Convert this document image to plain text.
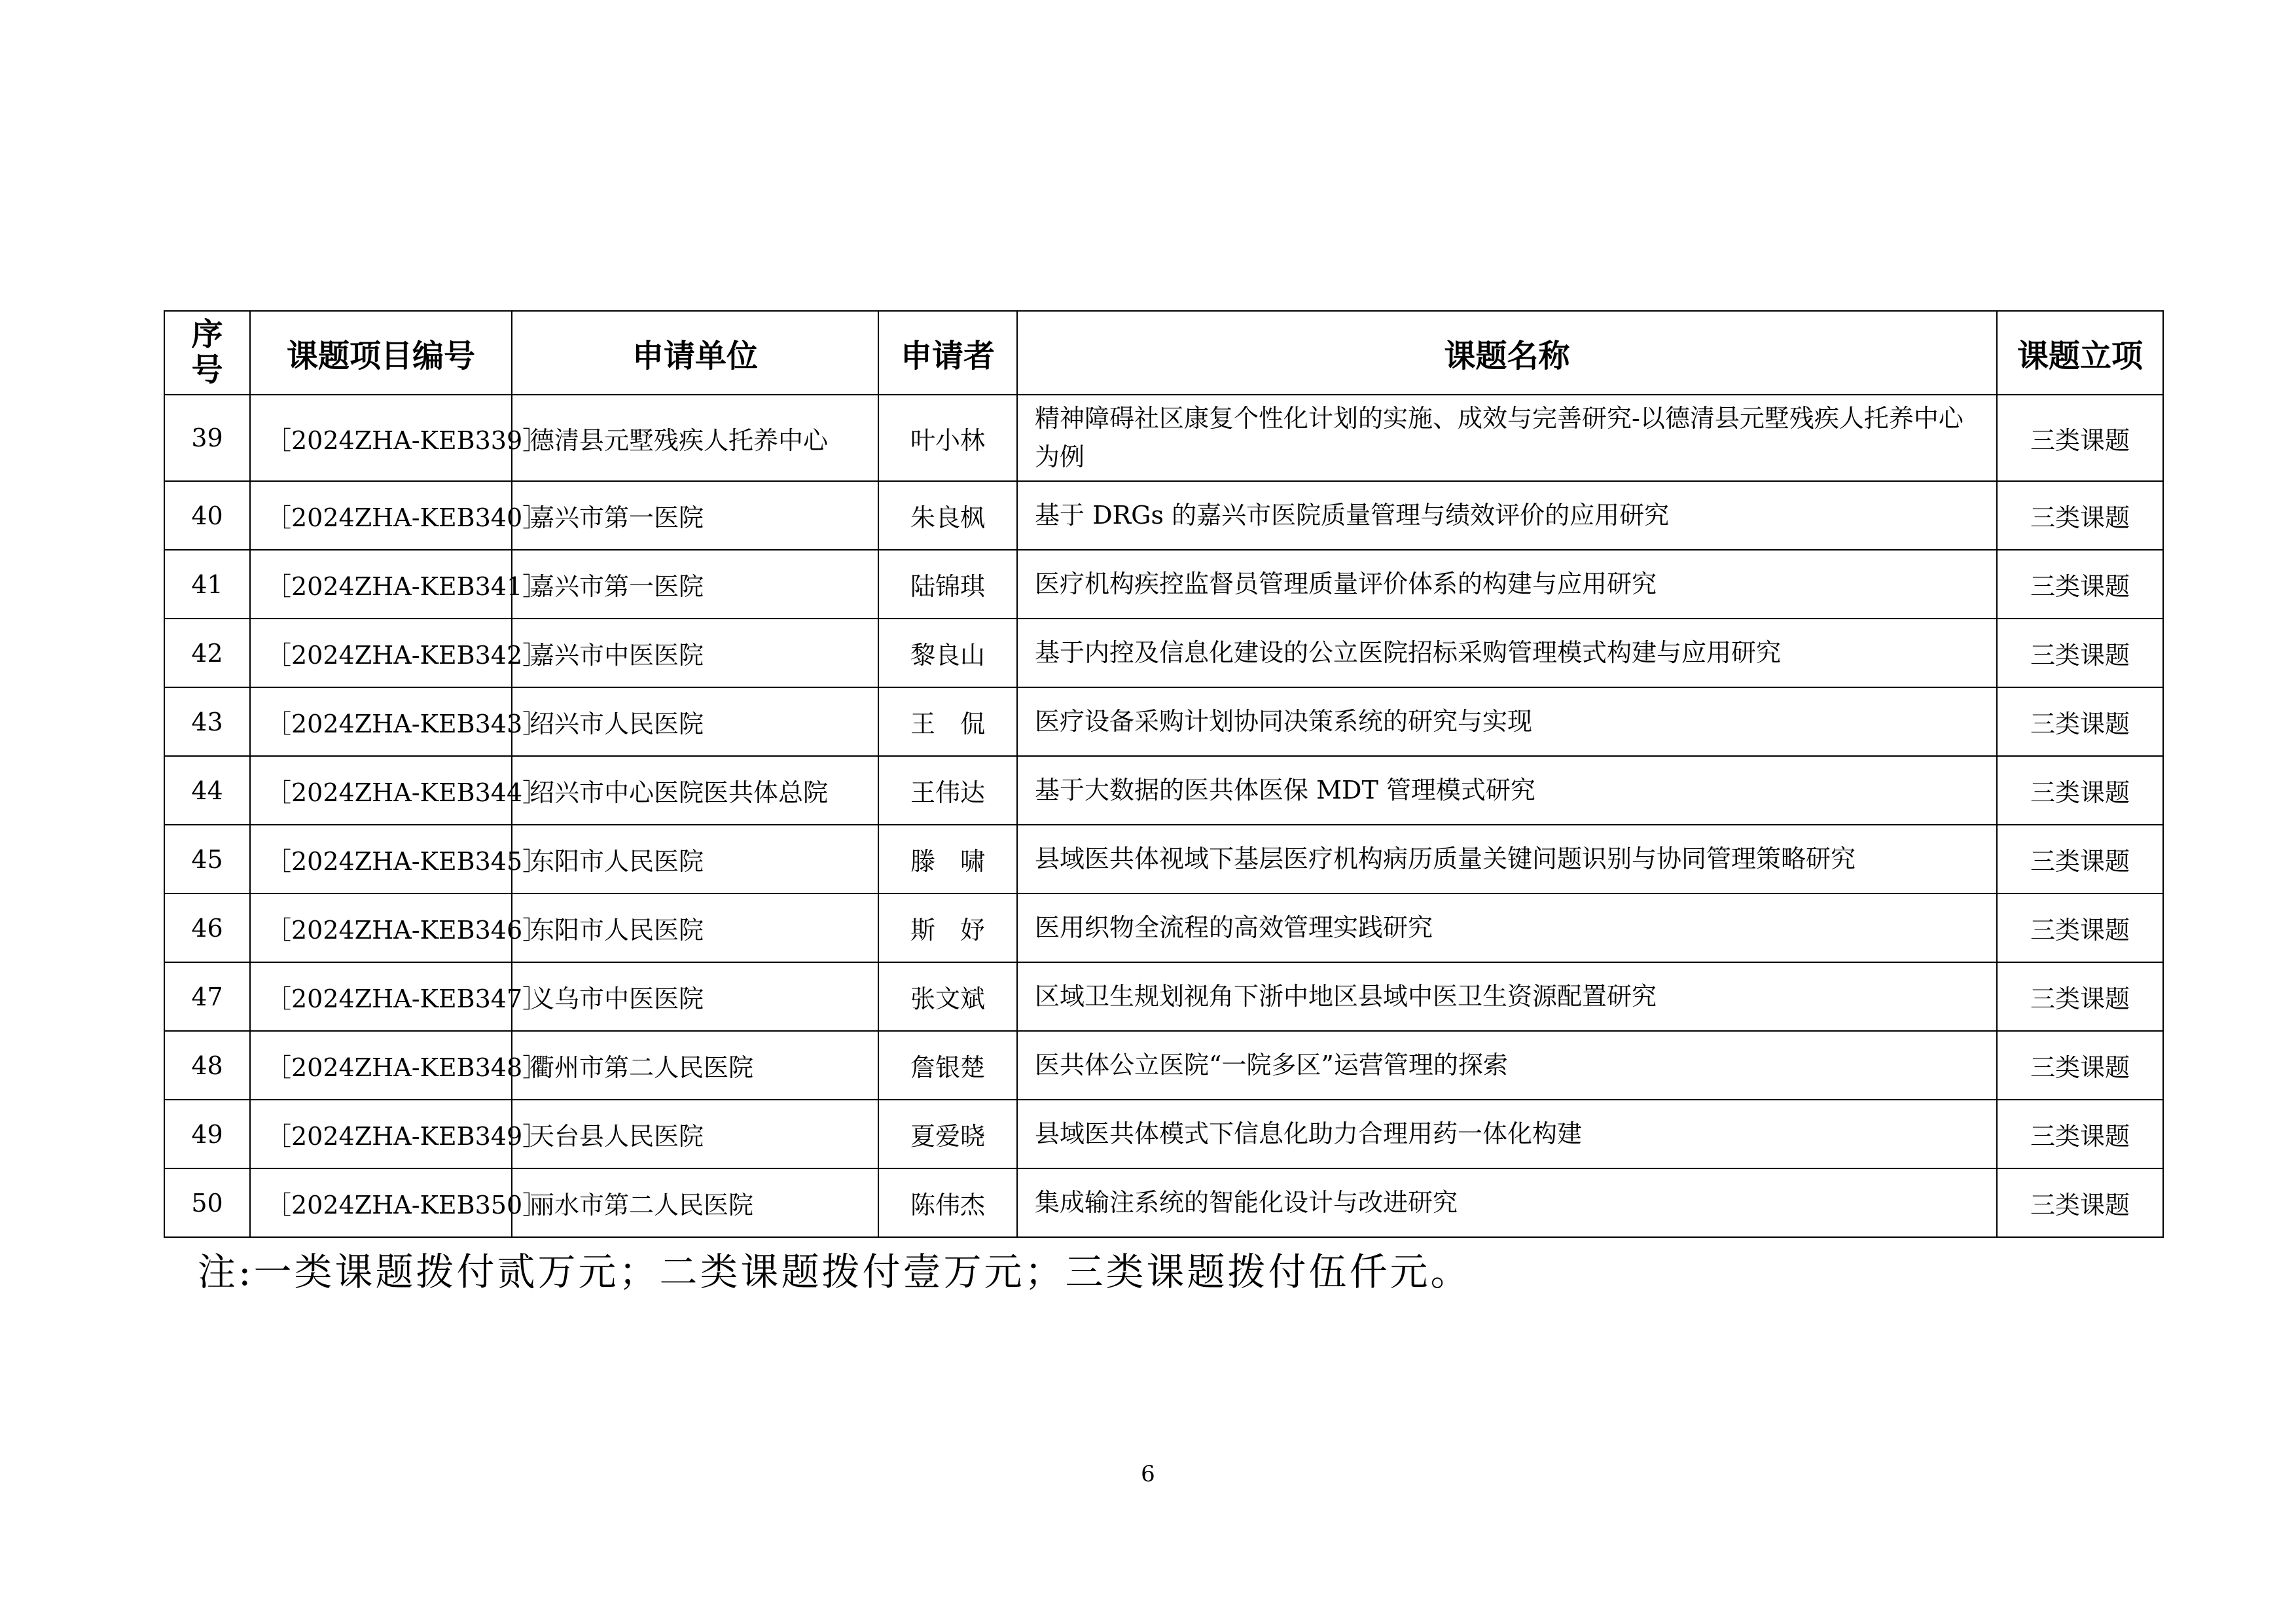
序
号	课题项目编号	申请单位	申请者	课题名称	课题立项
39	［2024ZHA-KEB339］	德清县元墅残疾人托养中心	叶小林	精神障碍社区康复个性化计划的实施、成效与完善研究-以德清县元墅残疾人托养中心为例	三类课题
40	［2024ZHA-KEB340］	嘉兴市第一医院	朱良枫	基于 DRGs 的嘉兴市医院质量管理与绩效评价的应用研究	三类课题
41	［2024ZHA-KEB341］	嘉兴市第一医院	陆锦琪	医疗机构疾控监督员管理质量评价体系的构建与应用研究	三类课题
42	［2024ZHA-KEB342］	嘉兴市中医医院	黎良山	基于内控及信息化建设的公立医院招标采购管理模式构建与应用研究	三类课题
43	［2024ZHA-KEB343］	绍兴市人民医院	王　侃	医疗设备采购计划协同决策系统的研究与实现	三类课题
44	［2024ZHA-KEB344］	绍兴市中心医院医共体总院	王伟达	基于大数据的医共体医保 MDT 管理模式研究	三类课题
45	［2024ZHA-KEB345］	东阳市人民医院	滕　啸	县域医共体视域下基层医疗机构病历质量关键问题识别与协同管理策略研究	三类课题
46	［2024ZHA-KEB346］	东阳市人民医院	斯　妤	医用织物全流程的高效管理实践研究	三类课题
47	［2024ZHA-KEB347］	义乌市中医医院	张文斌	区域卫生规划视角下浙中地区县域中医卫生资源配置研究	三类课题
48	［2024ZHA-KEB348］	衢州市第二人民医院	詹银楚	医共体公立医院“一院多区”运营管理的探索	三类课题
49	［2024ZHA-KEB349］	天台县人民医院	夏爱晓	县域医共体模式下信息化助力合理用药一体化构建	三类课题
50	［2024ZHA-KEB350］	丽水市第二人民医院	陈伟杰	集成输注系统的智能化设计与改进研究	三类课题
注:一类课题拨付贰万元；二类课题拨付壹万元；三类课题拨付伍仟元。
6
